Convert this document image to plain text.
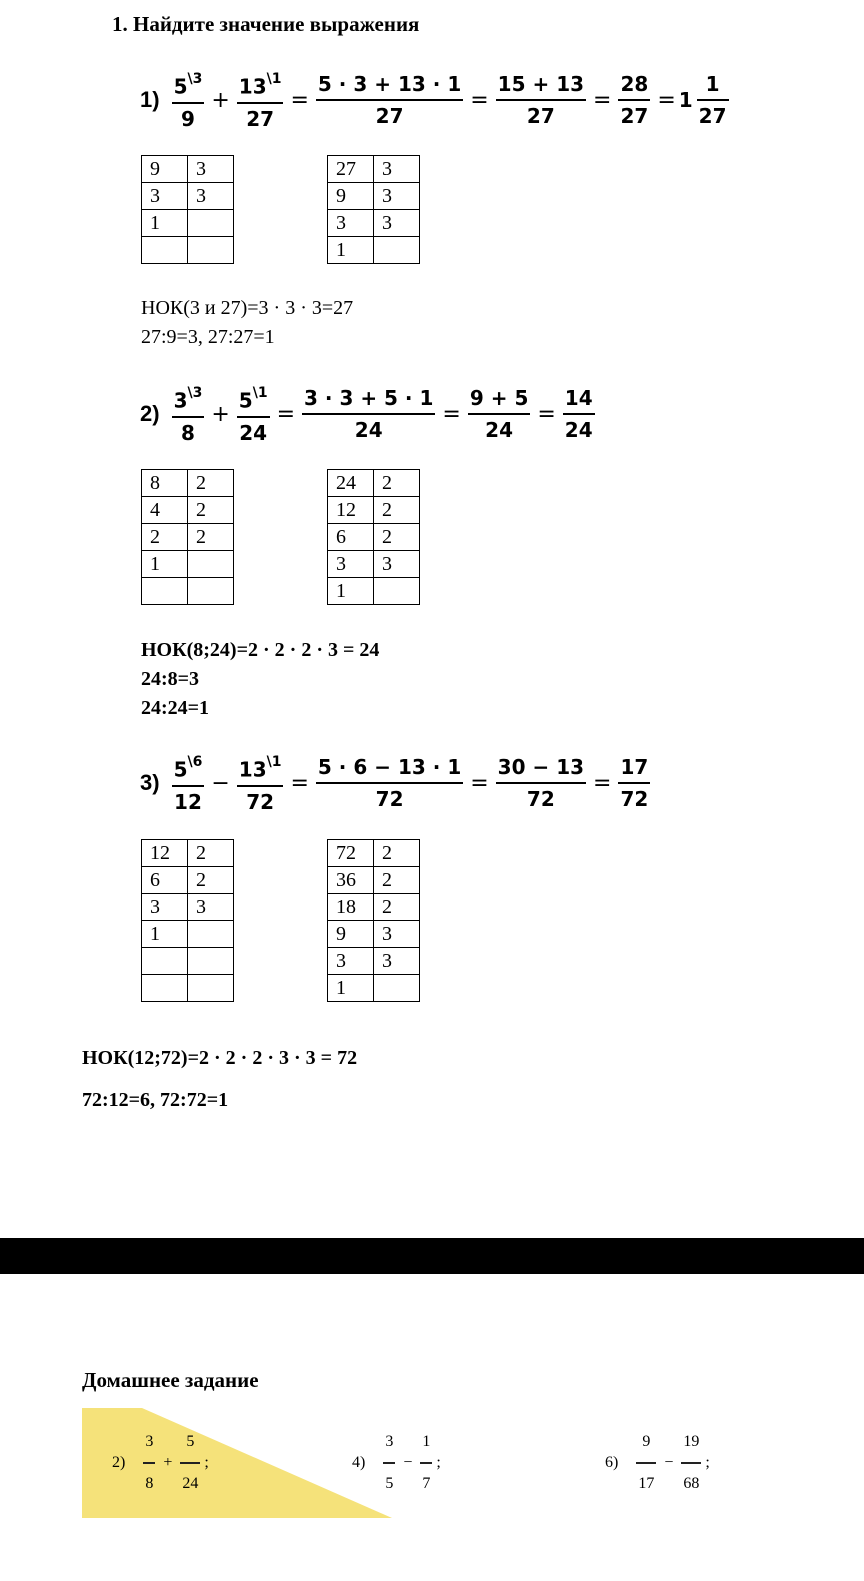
1. Найдите значение выражения
$1) \frac{5^{\backslash 3}}{9} + \frac{13^{\backslash 1}}{27} = \frac{5 \cdot 3 + 13 \cdot 1}{27} = \frac{15 + 13}{27} = \frac{28}{27} = 1 \frac{1}{27}$
9	3
3	3
1	

27	3
9	3
3	3
1	
НОК(3 и 27)=3 · 3 · 3=27
27:9=3, 27:27=1
$2) \frac{3^{\backslash 3}}{8} + \frac{5^{\backslash 1}}{24} = \frac{3 \cdot 3 + 5 \cdot 1}{24} = \frac{9 + 5}{24} = \frac{14}{24}$
8	2
4	2
2	2
1	

24	2
12	2
6	2
3	3
1	
НОК(8;24)=2 · 2 · 2 · 3 = 24
24:8=3
24:24=1
$3) \frac{5^{\backslash 6}}{12} - \frac{13^{\backslash 1}}{72} = \frac{5 \cdot 6 - 13 \cdot 1}{72} = \frac{30 - 13}{72} = \frac{17}{72}$
12	2
6	2
3	3
1	

72	2
36	2
18	2
9	3
3	3
1	
НОК(12;72)=2 · 2 · 2 · 3 · 3 = 72
72:12=6, 72:72=1
Домашнее задание
$2) \frac{3}{8} + \frac{5}{24}$ ;	$4) \frac{3}{5} - \frac{1}{7}$ ;	$6) \frac{9}{17} - \frac{19}{68}$ ;
